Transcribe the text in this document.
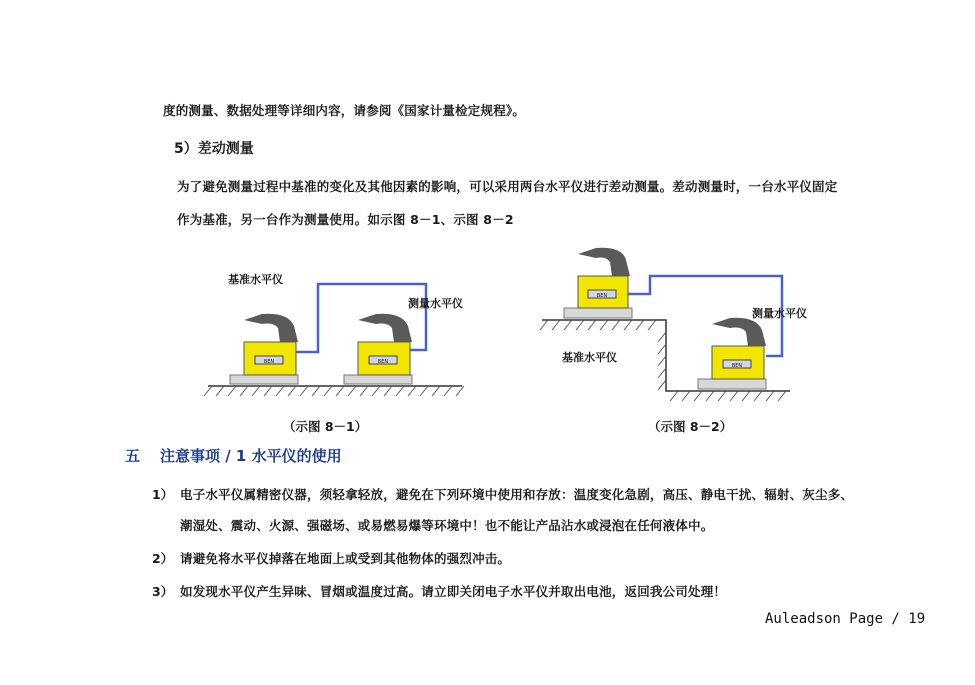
度的测量、数据处理等详细内容，请参阅《国家计量检定规程》。
5）差动测量
为了避免测量过程中基准的变化及其他因素的影响，可以采用两台水平仪进行差动测量。差动测量时，一台水平仪固定
作为基准，另一台作为测量使用。如示图 8－1、示图 8－2
BEN	BEN
基准水平仪
测量水平仪
（示图 8－1）
BEN
BEN
测量水平仪
基准水平仪
（示图 8－2）
五 注意事项 / 1 水平仪的使用
1） 电子水平仪属精密仪器，须轻拿轻放，避免在下列环境中使用和存放：温度变化急剧，高压、静电干扰、辐射、灰尘多、
潮湿处、震动、火源、强磁场、或易燃易爆等环境中！也不能让产品沾水或浸泡在任何液体中。
2） 请避免将水平仪掉落在地面上或受到其他物体的强烈冲击。
3） 如发现水平仪产生异味、冒烟或温度过高。请立即关闭电子水平仪并取出电池，返回我公司处理！
Auleadson Page / 19
